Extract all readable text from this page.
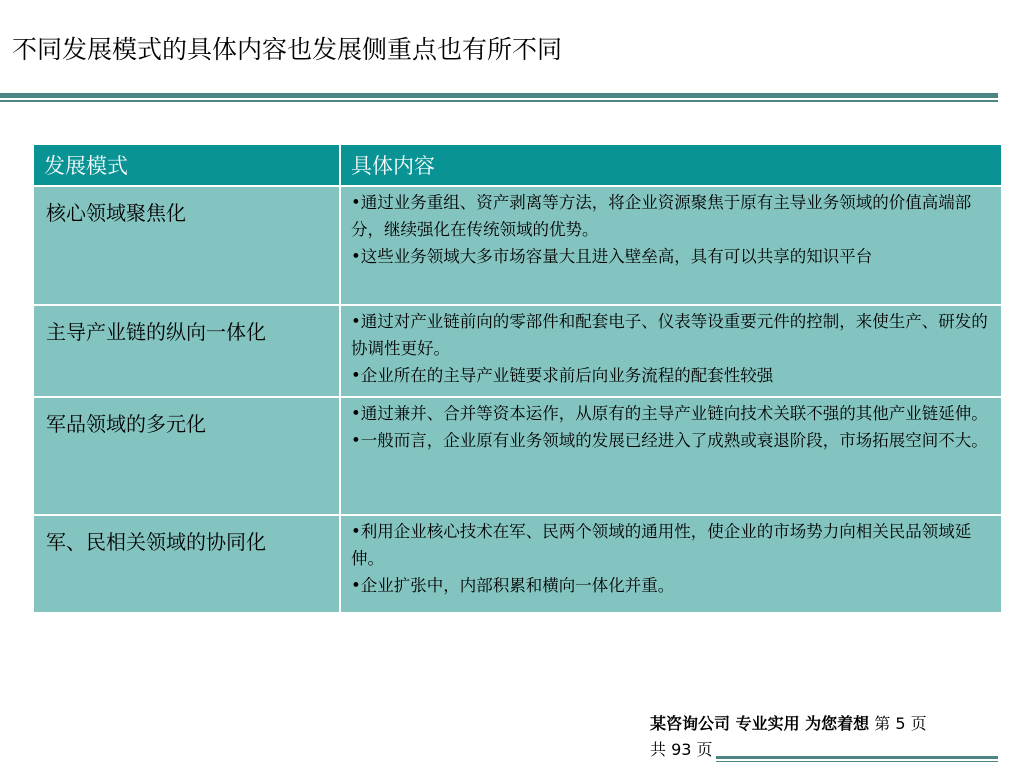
不同发展模式的具体内容也发展侧重点也有所不同
发展模式	具体内容
核心领域聚焦化	•通过业务重组、资产剥离等方法，将企业资源聚焦于原有主导业务领域的价值高端部分，继续强化在传统领域的优势。
•这些业务领域大多市场容量大且进入壁垒高，具有可以共享的知识平台

主导产业链的纵向一体化	•通过对产业链前向的零部件和配套电子、仪表等设重要元件的控制，来使生产、研发的协调性更好。
•企业所在的主导产业链要求前后向业务流程的配套性较强

军品领域的多元化	•通过兼并、合并等资本运作，从原有的主导产业链向技术关联不强的其他产业链延伸。
•一般而言，企业原有业务领域的发展已经进入了成熟或衰退阶段，市场拓展空间不大。

军、民相关领域的协同化	•利用企业核心技术在军、民两个领域的通用性，使企业的市场势力向相关民品领域延伸。
•企业扩张中，内部积累和横向一体化并重。
某咨询公司 专业实用 为您着想 第 5 页
共 93 页
